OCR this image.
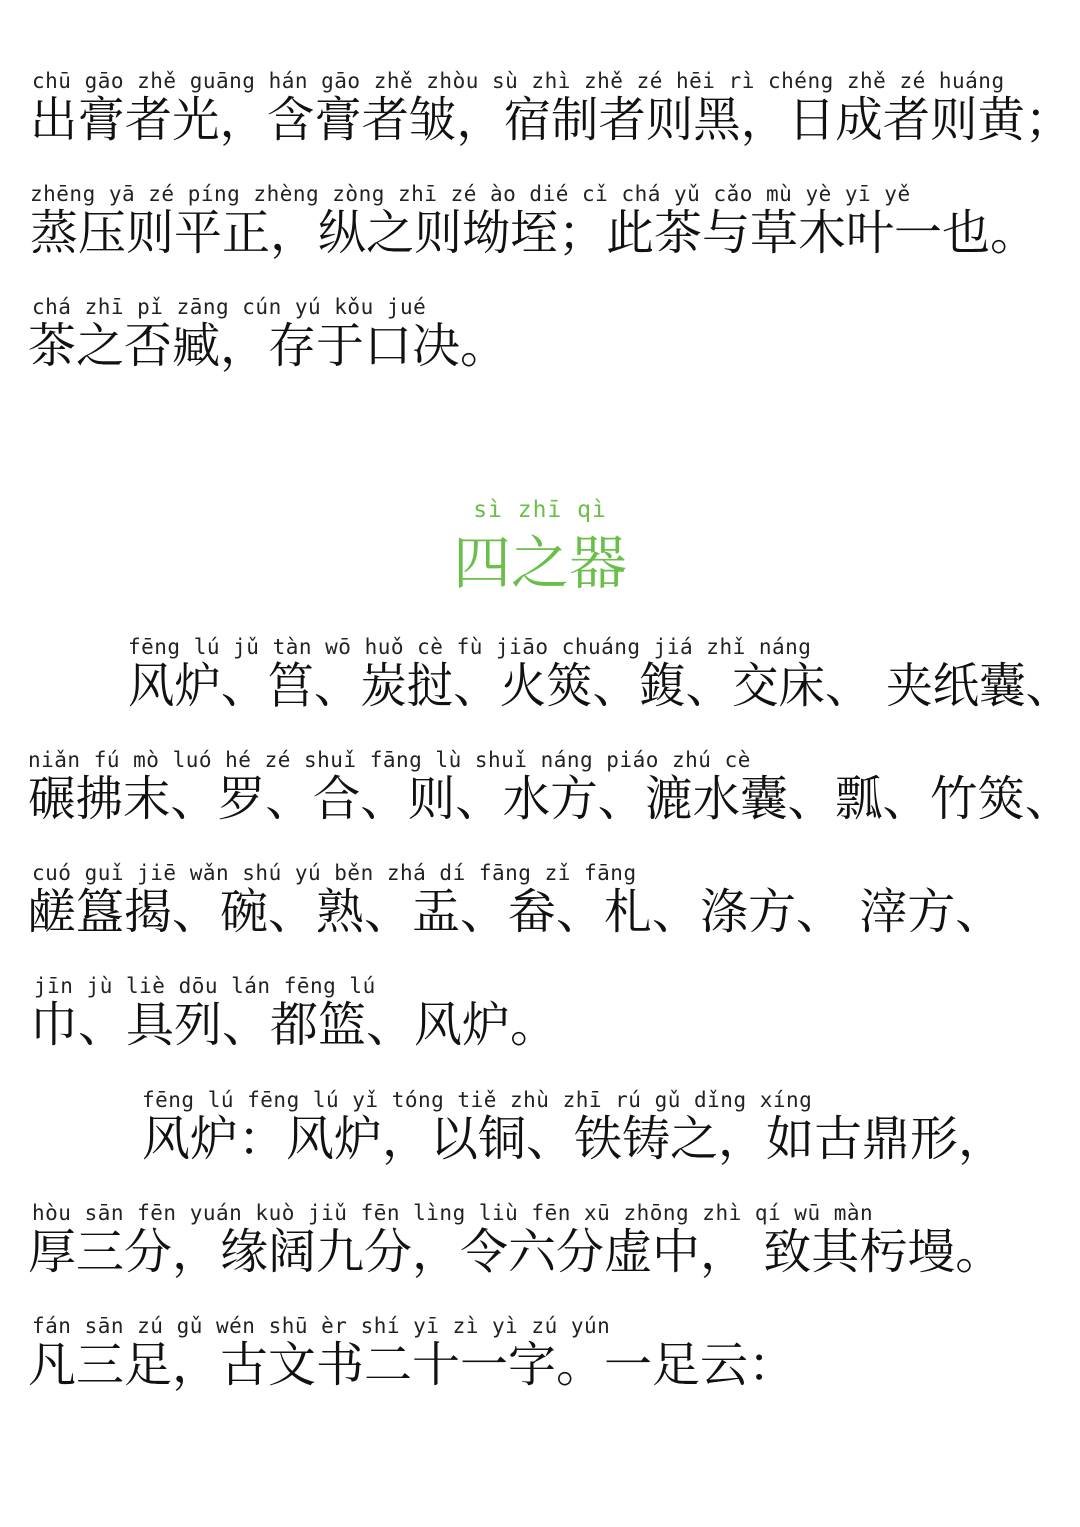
chū gāo zhě guāng hán gāo zhě zhòu sù zhì zhě zé hēi rì chéng zhě zé huáng
出膏者光，含膏者皱，宿制者则黑，日成者则黄；
zhēng yā zé píng zhèng zòng zhī zé ào dié cǐ chá yǔ cǎo mù yè yī yě
蒸压则平正，纵之则坳垤；此茶与草木叶一也。
chá zhī pǐ zāng cún yú kǒu jué
茶之否臧，存于口决。
sì zhī qì
四之器
fēng lú jǔ tàn wō huǒ cè fù jiāo chuáng jiá zhǐ náng
风炉、筥、炭挝、火筴、鍑、交床、 夹纸囊、
niǎn fú mò luó hé zé shuǐ fāng lù shuǐ náng piáo zhú cè
碾拂末、罗、合、则、水方、漉水囊、瓢、竹筴、
cuó guǐ jiē wǎn shú yú běn zhá dí fāng zǐ fāng
鹾簋揭、碗、熟、盂、畚、札、涤方、 滓方、
jīn jù liè dōu lán fēng lú
巾、具列、都篮、风炉。
fēng lú fēng lú yǐ tóng tiě zhù zhī rú gǔ dǐng xíng
风炉：风炉，以铜、铁铸之，如古鼎形，
hòu sān fēn yuán kuò jiǔ fēn lìng liù fēn xū zhōng zhì qí wū màn
厚三分，缘阔九分，令六分虚中， 致其杇墁。
fán sān zú gǔ wén shū èr shí yī zì yì zú yún
凡三足，古文书二十一字。一足云：
